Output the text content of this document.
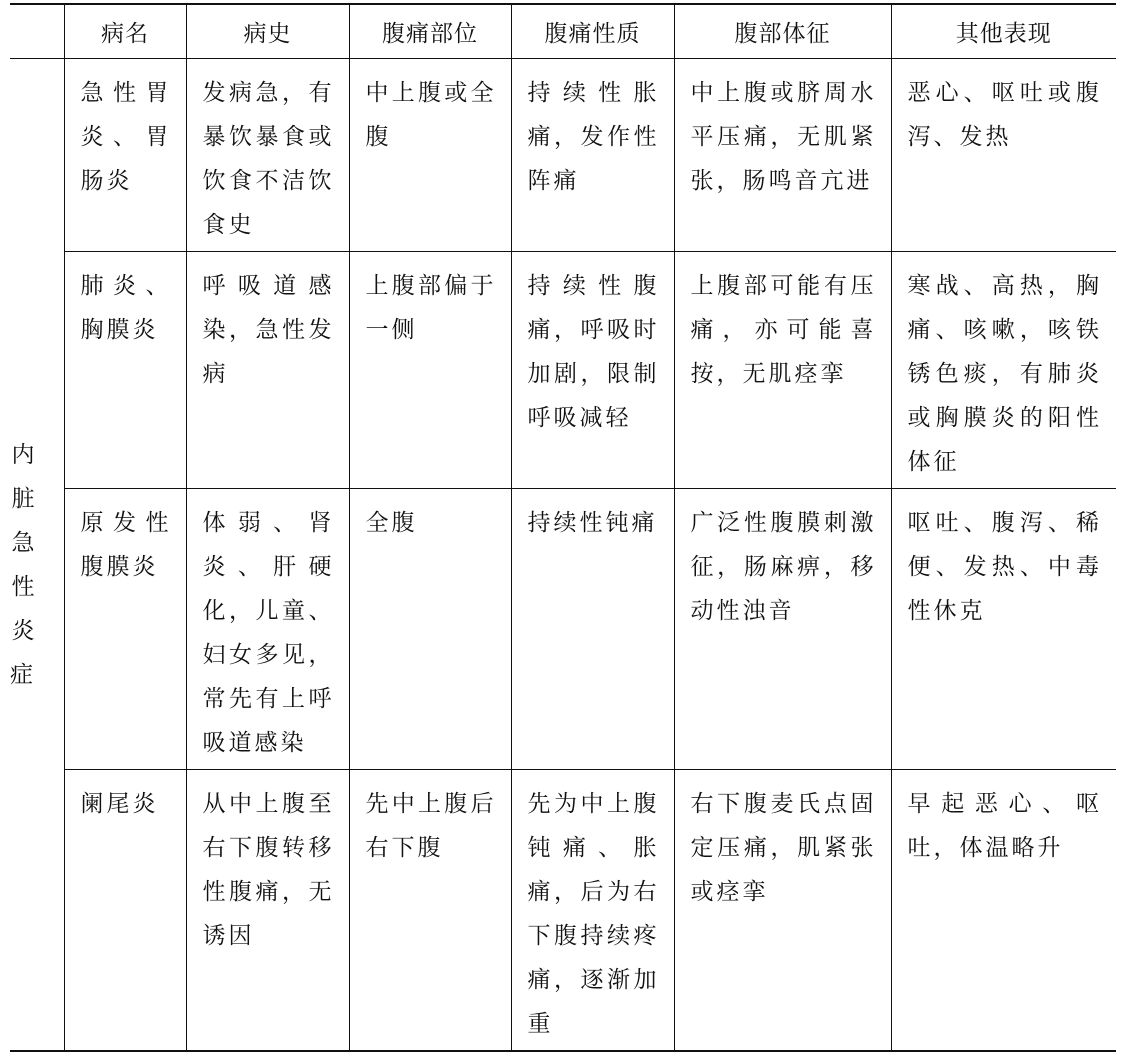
	病名	病史	腹痛部位	腹痛性质	腹部体征	其他表现
内脏急性炎症	急性胃炎、胃肠炎	发病急，有暴饮暴食或饮食不洁饮食史	中上腹或全腹	持续性胀痛，发作性阵痛	中上腹或脐周水平压痛，无肌紧张，肠鸣音亢进	恶心、呕吐或腹泻、发热
	肺炎、胸膜炎	呼吸道感染，急性发病	上腹部偏于一侧	持续性腹痛，呼吸时加剧，限制呼吸减轻	上腹部可能有压痛，亦可能喜按，无肌痉挛	寒战、高热，胸痛、咳嗽，咳铁锈色痰，有肺炎或胸膜炎的阳性体征
	原发性腹膜炎	体弱、肾炎、肝硬化，儿童、妇女多见，常先有上呼吸道感染	全腹	持续性钝痛	广泛性腹膜刺激征，肠麻痹，移动性浊音	呕吐、腹泻、稀便、发热、中毒性休克
	阑尾炎	从中上腹至右下腹转移性腹痛，无诱因	先中上腹后右下腹	先为中上腹钝痛、胀痛，后为右下腹持续疼痛，逐渐加重	右下腹麦氏点固定压痛，肌紧张或痉挛	早起恶心、呕吐，体温略升
